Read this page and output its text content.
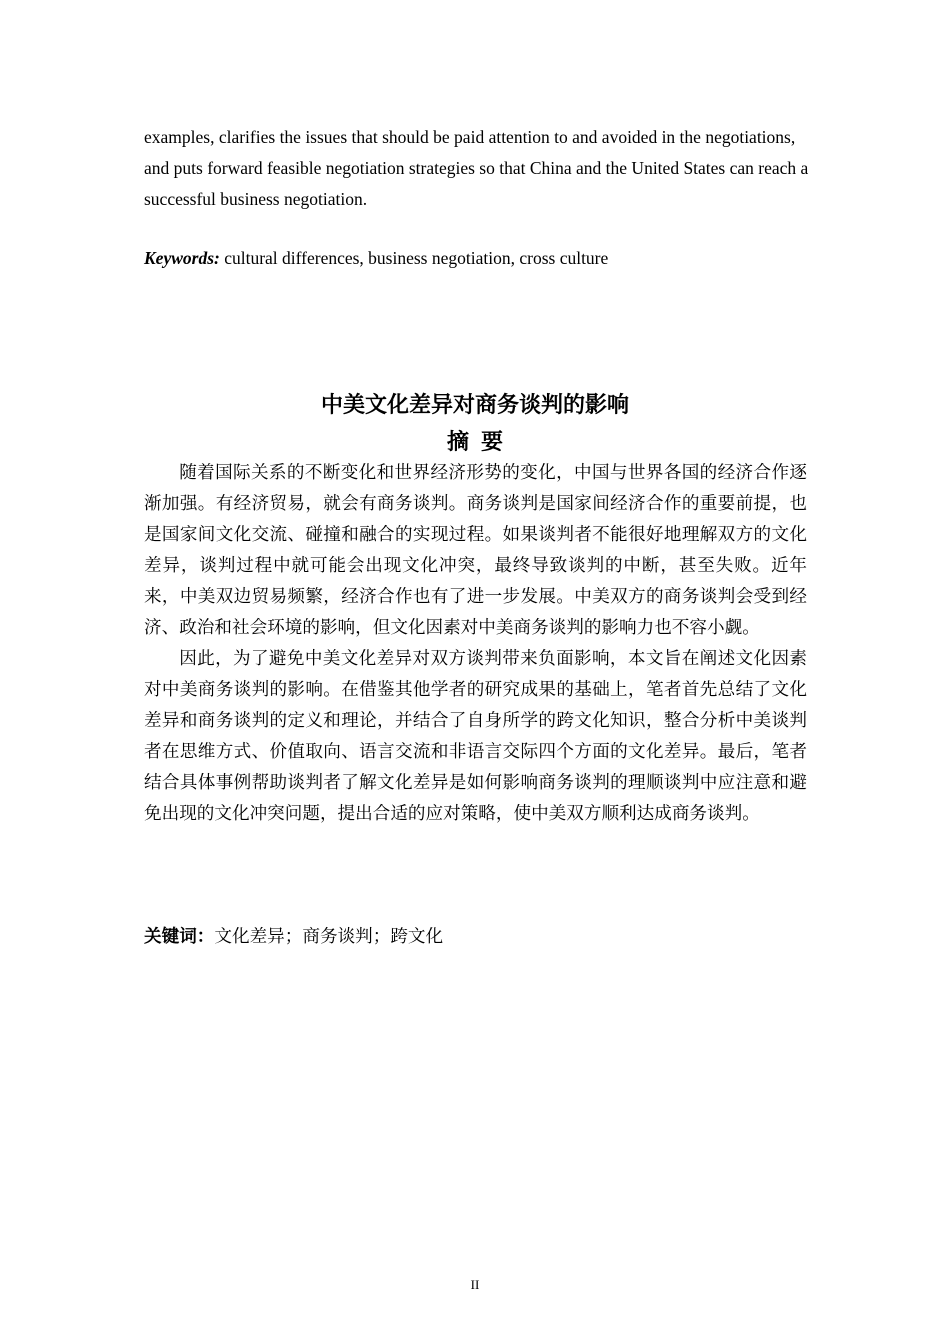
examples, clarifies the issues that should be paid attention to and avoided in the negotiations, and puts forward feasible negotiation strategies so that China and the United States can reach a successful business negotiation.

Keywords: cultural differences, business negotiation, cross culture

中美文化差异对商务谈判的影响
摘要

随着国际关系的不断变化和世界经济形势的变化，中国与世界各国的经济合作逐渐加强。有经济贸易，就会有商务谈判。商务谈判是国家间经济合作的重要前提，也是国家间文化交流、碰撞和融合的实现过程。如果谈判者不能很好地理解双方的文化差异，谈判过程中就可能会出现文化冲突，最终导致谈判的中断，甚至失败。近年来，中美双边贸易频繁，经济合作也有了进一步发展。中美双方的商务谈判会受到经济、政治和社会环境的影响，但文化因素对中美商务谈判的影响力也不容小觑。

因此，为了避免中美文化差异对双方谈判带来负面影响，本文旨在阐述文化因素对中美商务谈判的影响。在借鉴其他学者的研究成果的基础上，笔者首先总结了文化差异和商务谈判的定义和理论，并结合了自身所学的跨文化知识，整合分析中美谈判者在思维方式、价值取向、语言交流和非语言交际四个方面的文化差异。最后，笔者结合具体事例帮助谈判者了解文化差异是如何影响商务谈判的理顺谈判中应注意和避免出现的文化冲突问题，提出合适的应对策略，使中美双方顺利达成商务谈判。

关键词：文化差异；商务谈判；跨文化

II
